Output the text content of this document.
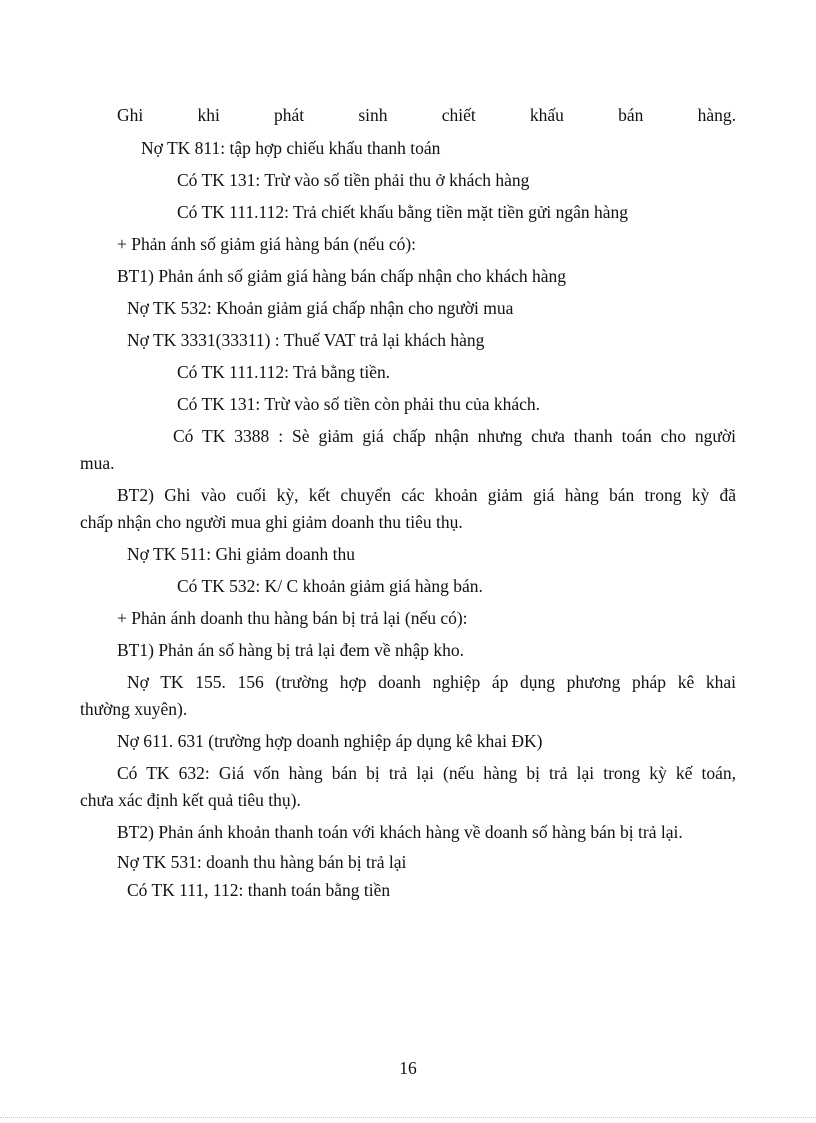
Ghi khi phát sinh chiết khấu bán hàng.
Nợ TK 811: tập hợp chiếu khấu thanh toán
Có TK 131: Trừ vào số tiền phải thu ở khách hàng
Có TK 111.112: Trả chiết khấu bằng tiền mặt tiền gửi ngân hàng
+ Phản ánh số giảm giá hàng bán (nếu có):
BT1) Phản ánh số giảm giá hàng bán chấp nhận cho khách hàng
Nợ TK 532: Khoản giảm giá chấp nhận cho người mua
Nợ TK 3331(33311) : Thuế VAT trả lại khách hàng
Có TK 111.112: Trả bằng tiền.
Có TK 131: Trừ vào số tiền còn phải thu của khách.
Có TK 3388 : Sè giảm giá chấp nhận nhưng chưa thanh toán cho người
mua.
BT2) Ghi vào cuối kỳ, kết chuyển các khoản giảm giá hàng bán trong kỳ đã
chấp nhận cho người mua ghi giảm doanh thu tiêu thụ.
Nợ TK 511: Ghi giảm doanh thu
Có TK 532: K/ C khoản giảm giá hàng bán.
+ Phản ánh doanh thu hàng bán bị trả lại (nếu có):
BT1) Phản án số hàng bị trả lại đem về nhập kho.
Nợ TK 155. 156 (trường hợp doanh nghiệp áp dụng phương pháp kê khai
thường xuyên).
Nợ 611. 631 (trường hợp doanh nghiệp áp dụng kê khai ĐK)
Có TK 632: Giá vốn hàng bán bị trả lại (nếu hàng bị trả lại trong kỳ kế toán,
chưa xác định kết quả tiêu thụ).
BT2) Phản ánh khoản thanh toán với khách hàng về doanh số hàng bán bị trả lại.
Nợ TK 531: doanh thu hàng bán bị trả lại
Có TK 111, 112: thanh toán bằng tiền
16
